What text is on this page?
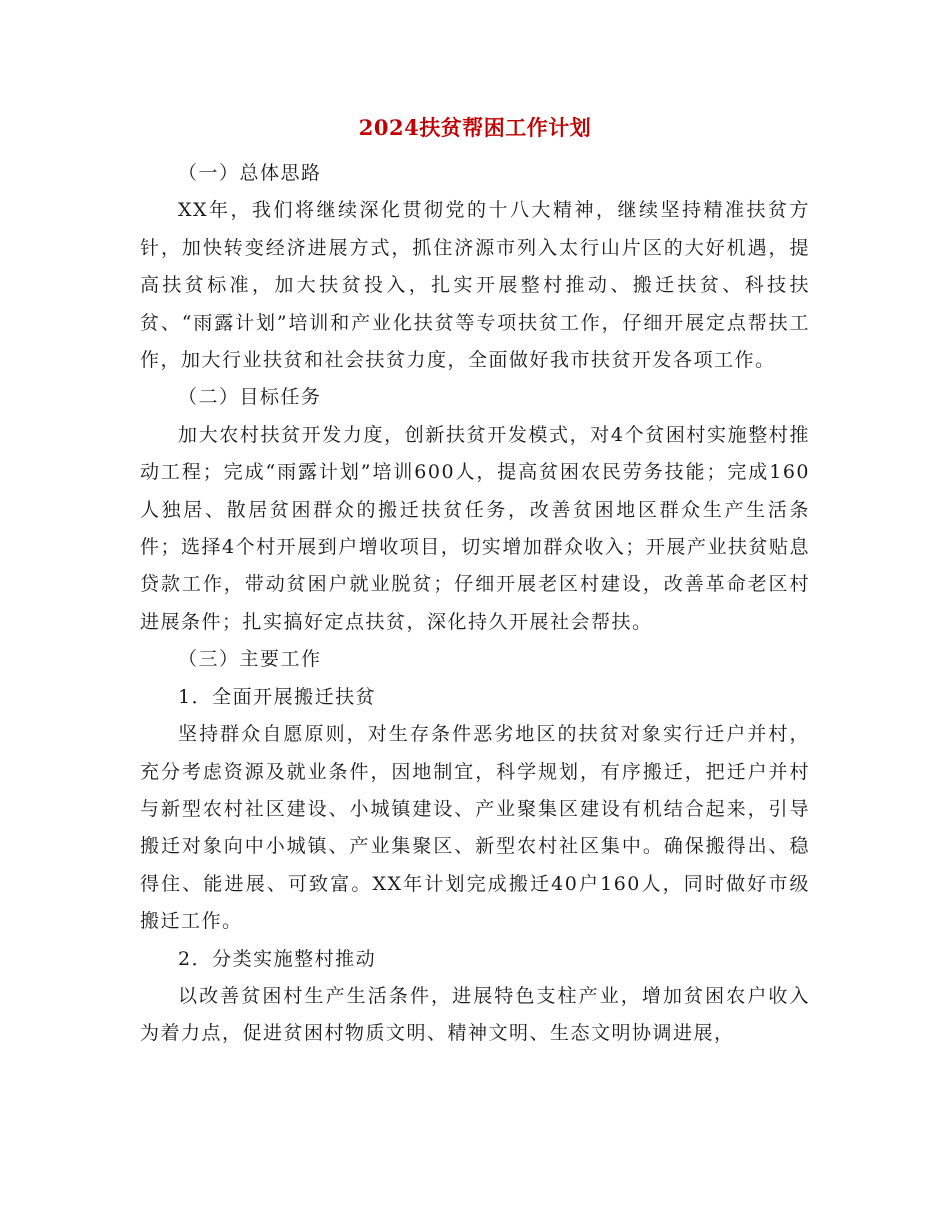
2024扶贫帮困工作计划

（一）总体思路

XX年，我们将继续深化贯彻党的十八大精神，继续坚持精准扶贫方针，加快转变经济进展方式，抓住济源市列入太行山片区的大好机遇，提高扶贫标准，加大扶贫投入，扎实开展整村推动、搬迁扶贫、科技扶贫、“雨露计划”培训和产业化扶贫等专项扶贫工作，仔细开展定点帮扶工作，加大行业扶贫和社会扶贫力度，全面做好我市扶贫开发各项工作。

（二）目标任务

加大农村扶贫开发力度，创新扶贫开发模式，对4个贫困村实施整村推动工程；完成“雨露计划”培训600人，提高贫困农民劳务技能；完成160人独居、散居贫困群众的搬迁扶贫任务，改善贫困地区群众生产生活条件；选择4个村开展到户增收项目，切实增加群众收入；开展产业扶贫贴息贷款工作，带动贫困户就业脱贫；仔细开展老区村建设，改善革命老区村进展条件；扎实搞好定点扶贫，深化持久开展社会帮扶。

（三）主要工作

1．全面开展搬迁扶贫

坚持群众自愿原则，对生存条件恶劣地区的扶贫对象实行迁户并村，充分考虑资源及就业条件，因地制宜，科学规划，有序搬迁，把迁户并村与新型农村社区建设、小城镇建设、产业聚集区建设有机结合起来，引导搬迁对象向中小城镇、产业集聚区、新型农村社区集中。确保搬得出、稳得住、能进展、可致富。XX年计划完成搬迁40户160人，同时做好市级搬迁工作。

2．分类实施整村推动

以改善贫困村生产生活条件，进展特色支柱产业，增加贫困农户收入为着力点，促进贫困村物质文明、精神文明、生态文明协调进展，
